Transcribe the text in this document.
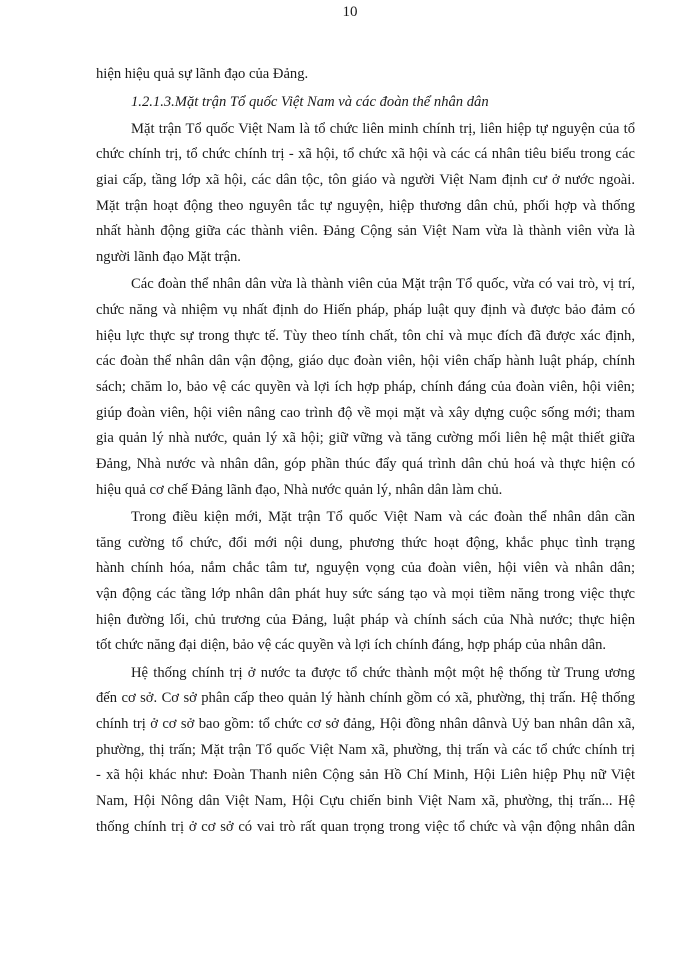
10
hiện hiệu quả sự lãnh đạo của Đảng.
1.2.1.3.Mặt trận Tổ quốc Việt Nam và các đoàn thể nhân dân
Mặt trận Tổ quốc Việt Nam là tổ chức liên minh chính trị, liên hiệp tự nguyện của tổ
chức chính trị, tổ chức chính trị - xã hội, tổ chức xã hội và các cá nhân tiêu biểu trong các
giai cấp, tầng lớp xã hội, các dân tộc, tôn giáo và người Việt Nam định cư ở nước ngoài.
Mặt trận hoạt động theo nguyên tắc tự nguyện, hiệp thương dân chủ, phối hợp và thống
nhất hành động giữa các thành viên. Đảng Cộng sản Việt Nam vừa là thành viên vừa là
người lãnh đạo Mặt trận.
Các đoàn thể nhân dân vừa là thành viên của Mặt trận Tổ quốc, vừa có vai trò, vị trí,
chức năng và nhiệm vụ nhất định do Hiến pháp, pháp luật quy định và được bảo đảm có
hiệu lực thực sự trong thực tế. Tùy theo tính chất, tôn chỉ và mục đích đã được xác định,
các đoàn thể nhân dân vận động, giáo dục đoàn viên, hội viên chấp hành luật pháp, chính
sách; chăm lo, bảo vệ các quyền và lợi ích hợp pháp, chính đáng của đoàn viên, hội viên;
giúp đoàn viên, hội viên nâng cao trình độ về mọi mặt và xây dựng cuộc sống mới; tham
gia quản lý nhà nước, quản lý xã hội; giữ vững và tăng cường mối liên hệ mật thiết giữa
Đảng, Nhà nước và nhân dân, góp phần thúc đẩy quá trình dân chủ hoá và thực hiện có
hiệu quả cơ chế Đảng lãnh đạo, Nhà nước quản lý, nhân dân làm chủ.
Trong điều kiện mới, Mặt trận Tổ quốc Việt Nam và các đoàn thể nhân dân cần
tăng cường tổ chức, đổi mới nội dung, phương thức hoạt động, khắc phục tình trạng
hành chính hóa, nắm chắc tâm tư, nguyện vọng của đoàn viên, hội viên và nhân dân;
vận động các tầng lớp nhân dân phát huy sức sáng tạo và mọi tiềm năng trong việc thực
hiện đường lối, chủ trương của Đảng, luật pháp và chính sách của Nhà nước; thực hiện
tốt chức năng đại diện, bảo vệ các quyền và lợi ích chính đáng, hợp pháp của nhân dân.
Hệ thống chính trị ở nước ta được tổ chức thành một một hệ thống từ Trung ương
đến cơ sở. Cơ sở phân cấp theo quản lý hành chính gồm có xã, phường, thị trấn. Hệ thống
chính trị ở cơ sở bao gồm: tổ chức cơ sở đảng, Hội đồng nhân dânvà Uỷ ban nhân dân xã,
phường, thị trấn; Mặt trận Tổ quốc Việt Nam xã, phường, thị trấn và các tổ chức chính trị
- xã hội khác như: Đoàn Thanh niên Cộng sản Hồ Chí Minh, Hội Liên hiệp Phụ nữ Việt
Nam, Hội Nông dân Việt Nam, Hội Cựu chiến binh Việt Nam xã, phường, thị trấn... Hệ
thống chính trị ở cơ sở có vai trò rất quan trọng trong việc tổ chức và vận động nhân dân
